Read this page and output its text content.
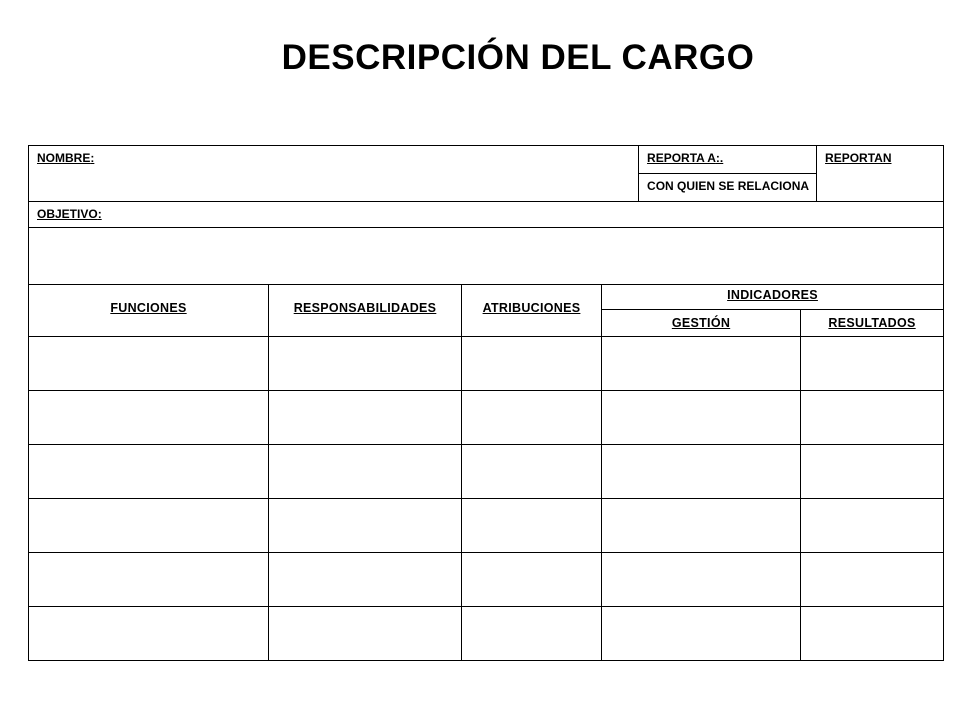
DESCRIPCIÓN DEL CARGO
NOMBRE:				REPORTA A:.		REPORTAN

				CON QUIEN SE RELACIONA		

OBJETIVO:						

FUNCIONES	RESPONSABILIDADES	ATRIBUCIONES	INDICADORES			
			GESTIÓN		RESULTADOS	
